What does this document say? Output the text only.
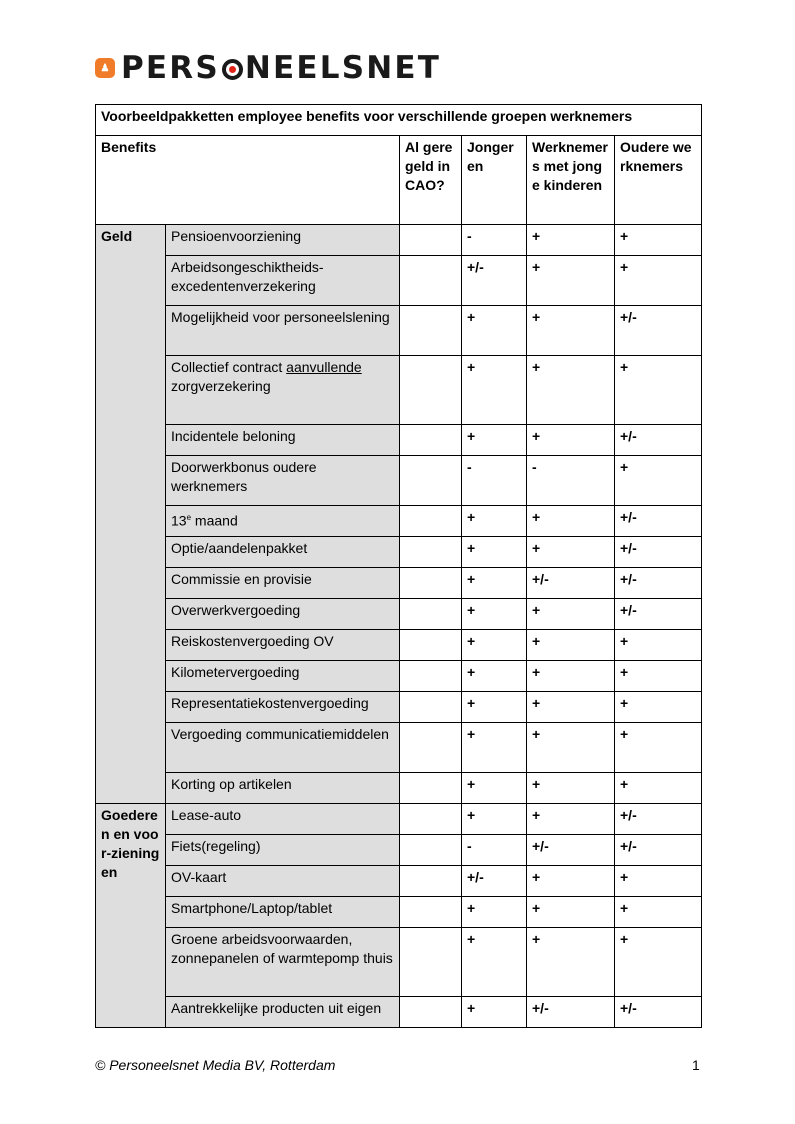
♟ PERS NEELSNET
Voorbeeldpakketten employee benefits voor verschillende groepen werknemers					
Benefits		Al geregeld in CAO?	Jongeren	Werknemers met jonge kinderen	Oudere werknemers
Geld	Pensioenvoorziening		-	+	+
	Arbeidsongeschiktheids-excedentenverzekering		+/-	+	+
	Mogelijkheid voor personeelslening		+	+	+/-
	Collectief contract aanvullende zorgverzekering		+	+	+
	Incidentele beloning		+	+	+/-
	Doorwerkbonus oudere werknemers		-	-	+
	13e maand		+	+	+/-
	Optie/aandelenpakket		+	+	+/-
	Commissie en provisie		+	+/-	+/-
	Overwerkvergoeding		+	+	+/-
	Reiskostenvergoeding OV		+	+	+
	Kilometervergoeding		+	+	+
	Representatiekostenvergoeding		+	+	+
	Vergoeding communicatiemiddelen		+	+	+
	Korting op artikelen		+	+	+
Goederen en voor-zieningen	Lease-auto		+	+	+/-
	Fiets(regeling)		-	+/-	+/-
	OV-kaart		+/-	+	+
	Smartphone/Laptop/tablet		+	+	+
	Groene arbeidsvoorwaarden, zonnepanelen of warmtepomp thuis		+	+	+
	Aantrekkelijke producten uit eigen		+	+/-	+/-
© Personeelsnet Media BV, Rotterdam	1
